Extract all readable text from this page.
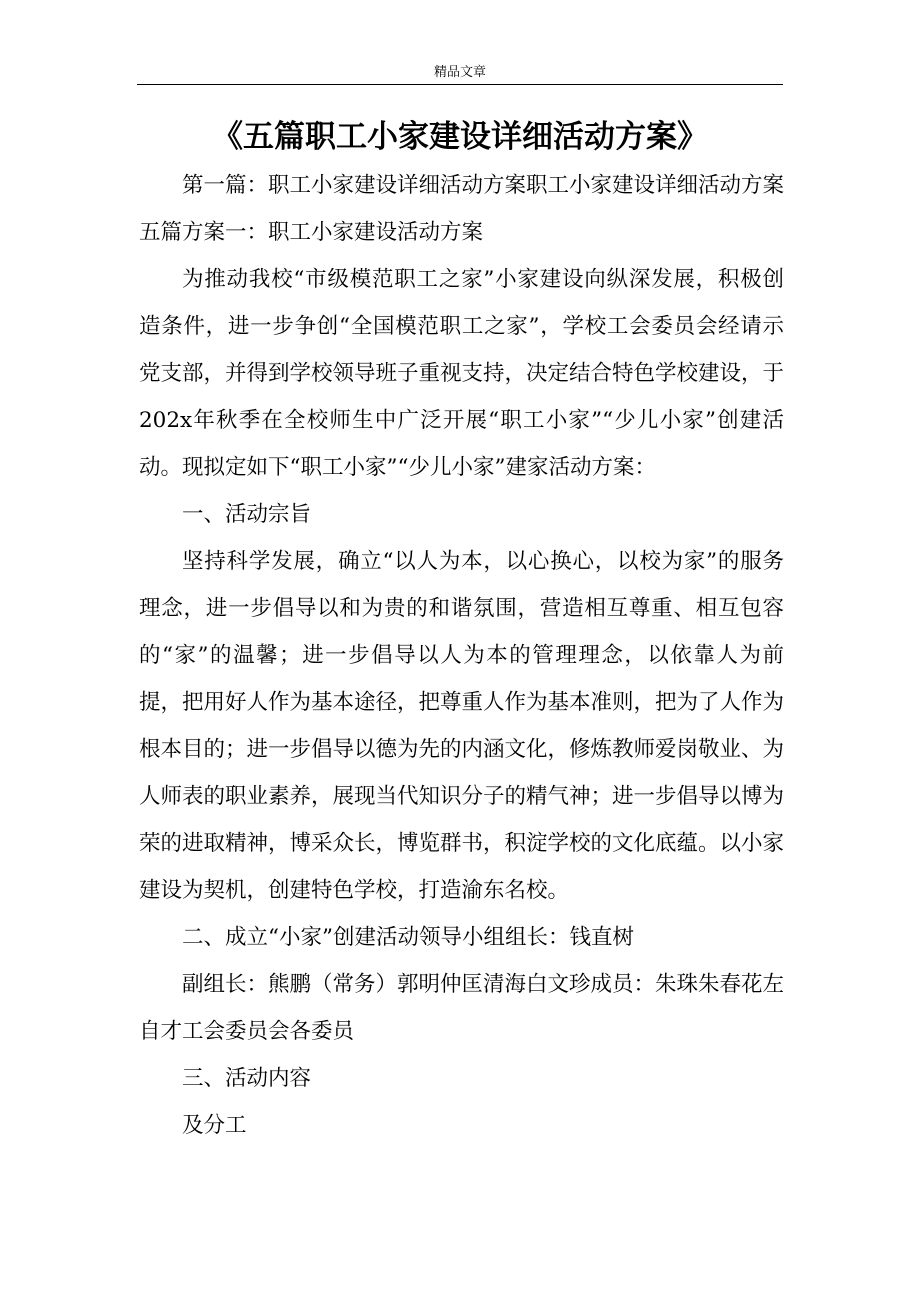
精品文章
《五篇职工小家建设详细活动方案》

第一篇：职工小家建设详细活动方案职工小家建设详细活动方案五篇方案一：职工小家建设活动方案

为推动我校“市级模范职工之家”小家建设向纵深发展，积极创造条件，进一步争创“全国模范职工之家”，学校工会委员会经请示党支部，并得到学校领导班子重视支持，决定结合特色学校建设，于202x年秋季在全校师生中广泛开展“职工小家”“少儿小家”创建活动。现拟定如下“职工小家”“少儿小家”建家活动方案：

一、活动宗旨

坚持科学发展，确立“以人为本，以心换心，以校为家”的服务理念，进一步倡导以和为贵的和谐氛围，营造相互尊重、相互包容的“家”的温馨；进一步倡导以人为本的管理理念，以依靠人为前提，把用好人作为基本途径，把尊重人作为基本准则，把为了人作为根本目的；进一步倡导以德为先的内涵文化，修炼教师爱岗敬业、为人师表的职业素养，展现当代知识分子的精气神；进一步倡导以博为荣的进取精神，博采众长，博览群书，积淀学校的文化底蕴。以小家建设为契机，创建特色学校，打造渝东名校。

二、成立“小家”创建活动领导小组组长：钱直树

副组长：熊鹏（常务）郭明仲匡清海白文珍成员：朱珠朱春花左自才工会委员会各委员

三、活动内容

及分工
